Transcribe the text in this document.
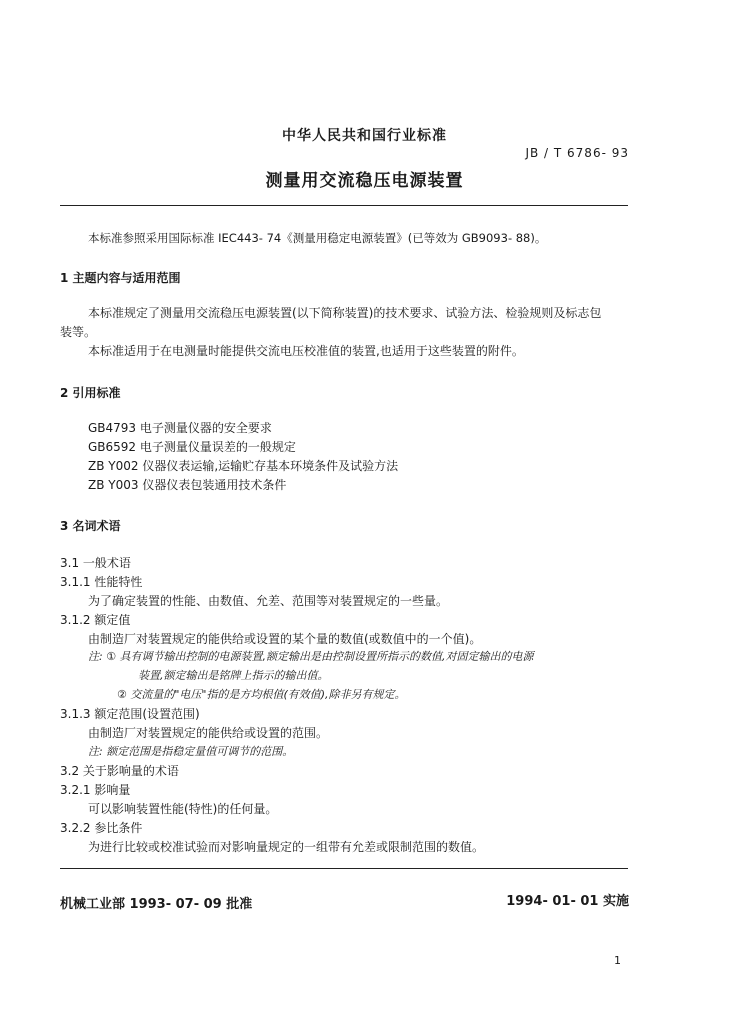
中华人民共和国行业标准
JB / T 6786- 93
测量用交流稳压电源装置
本标准参照采用国际标准 IEC443- 74《测量用稳定电源装置》(已等效为 GB9093- 88)。
1 主题内容与适用范围
本标准规定了测量用交流稳压电源装置(以下简称装置)的技术要求、试验方法、检验规则及标志包
装等。
本标准适用于在电测量时能提供交流电压校准值的装置,也适用于这些装置的附件。
2 引用标准
GB4793 电子测量仪器的安全要求
GB6592 电子测量仪量误差的一般规定
ZB Y002 仪器仪表运输,运输贮存基本环境条件及试验方法
ZB Y003 仪器仪表包装通用技术条件
3 名词术语
3.1 一般术语
3.1.1 性能特性
为了确定装置的性能、由数值、允差、范围等对装置规定的一些量。
3.1.2 额定值
由制造厂对装置规定的能供给或设置的某个量的数值(或数值中的一个值)。
注: ① 具有调节输出控制的电源装置,额定输出是由控制设置所指示的数值,对固定输出的电源
装置,额定输出是铭牌上指示的输出值。
② 交流量的"电压"指的是方均根值(有效值),除非另有规定。
3.1.3 额定范围(设置范围)
由制造厂对装置规定的能供给或设置的范围。
注: 额定范围是指稳定量值可调节的范围。
3.2 关于影响量的术语
3.2.1 影响量
可以影响装置性能(特性)的任何量。
3.2.2 参比条件
为进行比较或校准试验而对影响量规定的一组带有允差或限制范围的数值。
机械工业部 1993- 07- 09 批准	1994- 01- 01 实施
1
